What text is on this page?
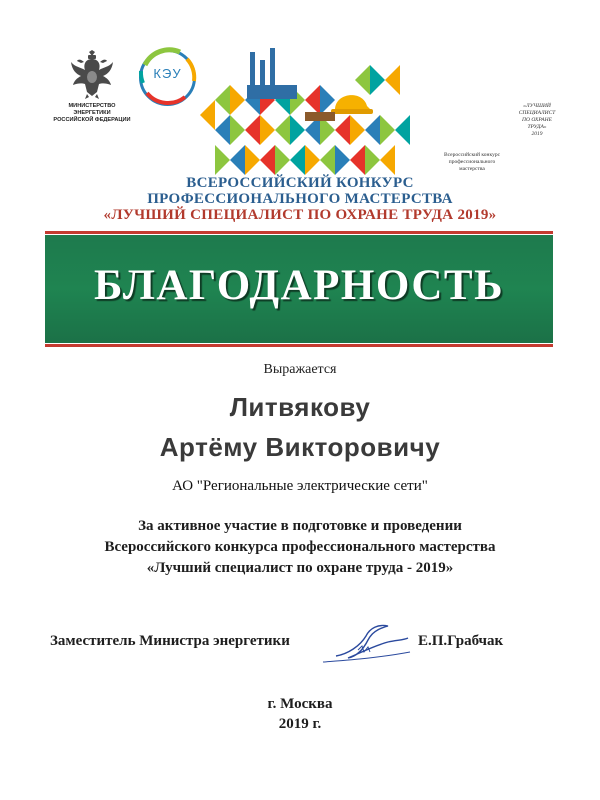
МИНИСТЕРСТВО ЭНЕРГЕТИКИ
РОССИЙСКОЙ ФЕДЕРАЦИИ
КЭУ
«ЛУЧШИЙ
СПЕЦИАЛИСТ
ПО ОХРАНЕ
ТРУДА»
2019
Всероссийский конкурс
профессионального
мастерства
ВСЕРОССИЙСКИЙ КОНКУРС
ПРОФЕССИОНАЛЬНОГО МАСТЕРСТВА
«ЛУЧШИЙ СПЕЦИАЛИСТ ПО ОХРАНЕ ТРУДА 2019»
БЛАГОДАРНОСТЬ
Выражается
Литвякову
Артёму Викторовичу
АО "Региональные электрические сети"
За активное участие в подготовке и проведении
Всероссийского конкурса профессионального мастерства
«Лучший специалист по охране труда - 2019»
Заместитель Министра энергетики	Е.П.Грабчак
г. Москва
2019 г.
